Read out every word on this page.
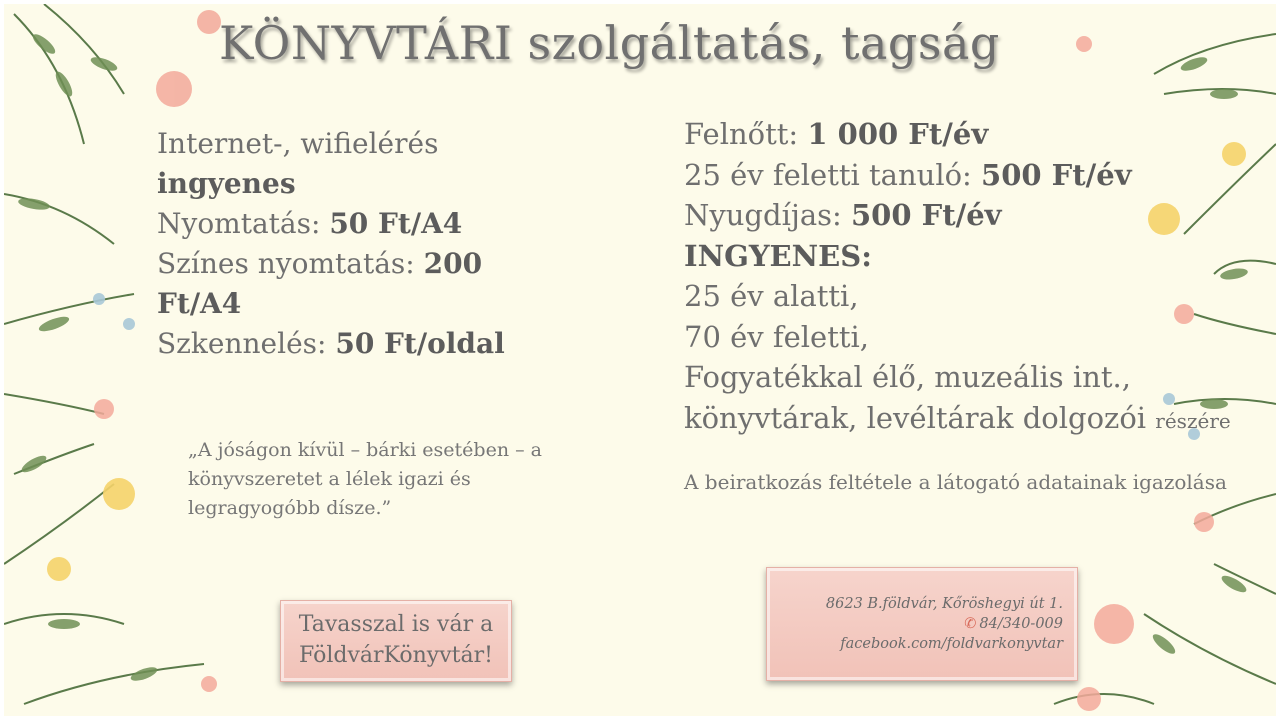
KÖNYVTÁRI szolgáltatás, tagság
Internet-, wifielérés
ingyenes
Nyomtatás: 50 Ft/A4
Színes nyomtatás: 200
Ft/A4
Szkennelés: 50 Ft/oldal
Felnőtt: 1 000 Ft/év
25 év feletti tanuló: 500 Ft/év
Nyugdíjas: 500 Ft/év
INGYENES:
25 év alatti,
70 év feletti,
Fogyatékkal élő, muzeális int.,
könyvtárak, levéltárak dolgozói részére
„A jóságon kívül – bárki esetében – a könyvszeretet a lélek igazi és legragyogóbb dísze.”
A beiratkozás feltétele a látogató adatainak igazolása
Tavasszal is vár a
FöldvárKönyvtár!
8623 B.földvár, Kőröshegyi út 1.
✆ 84/340-009
facebook.com/foldvarkonyvtar
